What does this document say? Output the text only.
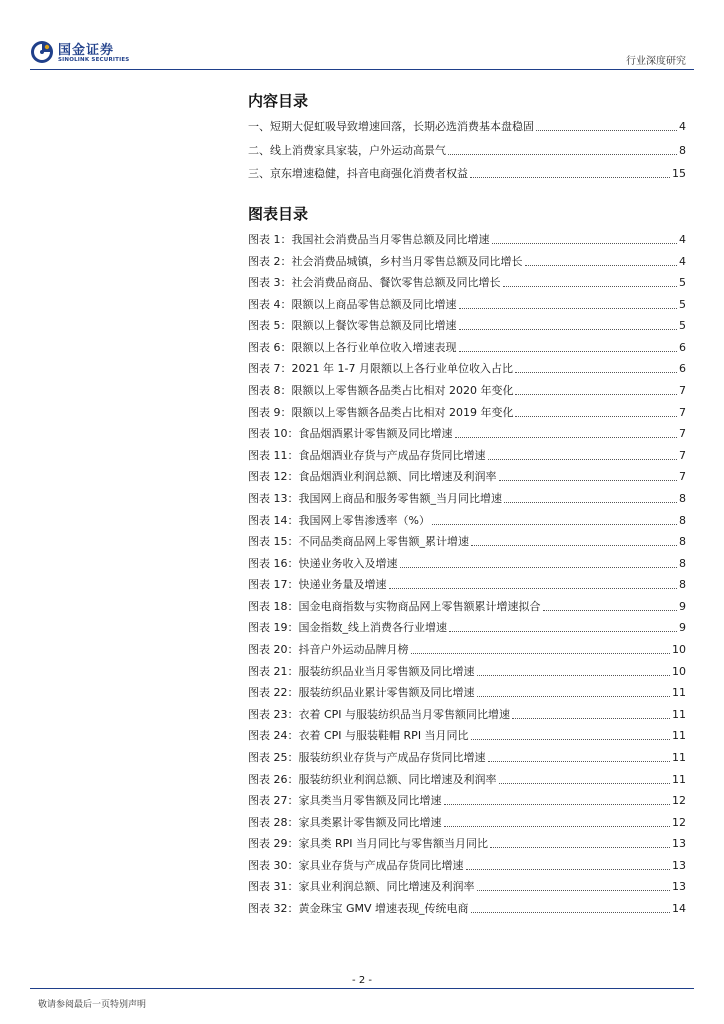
国金证券
SINOLINK SECURITIES	行业深度研究
内容目录
一、短期大促虹吸导致增速回落，长期必选消费基本盘稳固	4
二、线上消费家具家装，户外运动高景气	8
三、京东增速稳健，抖音电商强化消费者权益	15
图表目录
图表 1：我国社会消费品当月零售总额及同比增速	4
图表 2：社会消费品城镇，乡村当月零售总额及同比增长	4
图表 3：社会消费品商品、餐饮零售总额及同比增长	5
图表 4：限额以上商品零售总额及同比增速	5
图表 5：限额以上餐饮零售总额及同比增速	5
图表 6：限额以上各行业单位收入增速表现	6
图表 7：2021 年 1-7 月限额以上各行业单位收入占比	6
图表 8：限额以上零售额各品类占比相对 2020 年变化	7
图表 9：限额以上零售额各品类占比相对 2019 年变化	7
图表 10：食品烟酒累计零售额及同比增速	7
图表 11：食品烟酒业存货与产成品存货同比增速	7
图表 12：食品烟酒业利润总额、同比增速及利润率	7
图表 13：我国网上商品和服务零售额_当月同比增速	8
图表 14：我国网上零售渗透率（%）	8
图表 15：不同品类商品网上零售额_累计增速	8
图表 16：快递业务收入及增速	8
图表 17：快递业务量及增速	8
图表 18：国金电商指数与实物商品网上零售额累计增速拟合	9
图表 19：国金指数_线上消费各行业增速	9
图表 20：抖音户外运动品牌月榜	10
图表 21：服装纺织品业当月零售额及同比增速	10
图表 22：服装纺织品业累计零售额及同比增速	11
图表 23：衣着 CPI 与服装纺织品当月零售额同比增速	11
图表 24：衣着 CPI 与服装鞋帽 RPI 当月同比	11
图表 25：服装纺织业存货与产成品存货同比增速	11
图表 26：服装纺织业利润总额、同比增速及利润率	11
图表 27：家具类当月零售额及同比增速	12
图表 28：家具类累计零售额及同比增速	12
图表 29：家具类 RPI 当月同比与零售额当月同比	13
图表 30：家具业存货与产成品存货同比增速	13
图表 31：家具业利润总额、同比增速及利润率	13
图表 32：黄金珠宝 GMV 增速表现_传统电商	14
- 2 -
敬请参阅最后一页特别声明
